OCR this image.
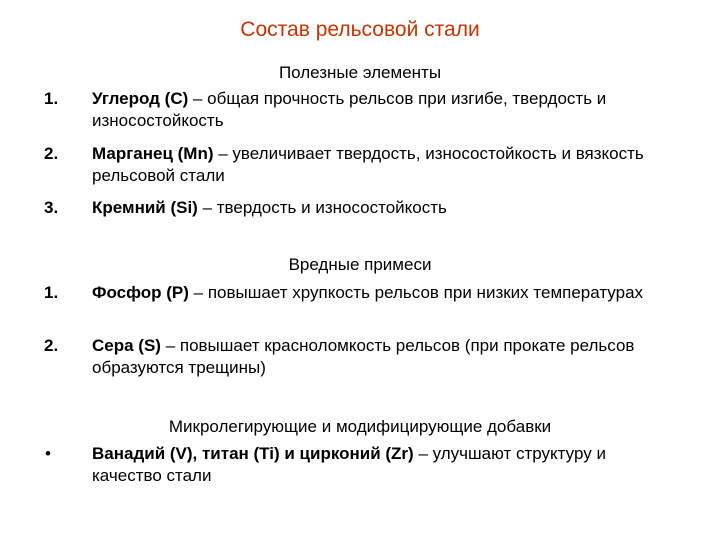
Состав рельсовой стали
Полезные элементы
1.	Углерод (С) – общая прочность рельсов при изгибе, твердость и износостойкость
2.	Марганец (Mn) – увеличивает твердость, износостойкость и вязкость рельсовой стали
3.	Кремний (Si) – твердость и износостойкость
Вредные примеси
1.	Фосфор (Р) – повышает хрупкость рельсов при низких температурах
2.	Сера (S) – повышает красноломкость рельсов (при прокате рельсов образуются трещины)
Микролегирующие и модифицирующие добавки
•	Ванадий (V), титан (Ti) и цирконий (Zr) – улучшают структуру и качество стали
